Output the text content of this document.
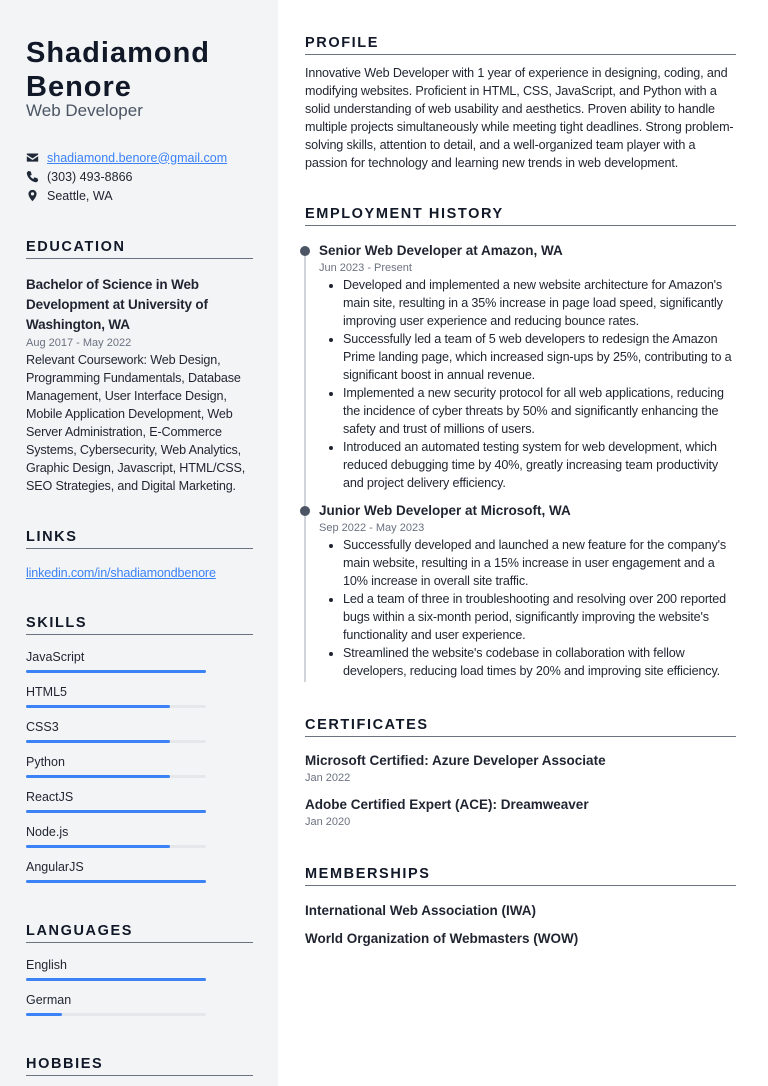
Shadiamond
Benore
Web Developer
shadiamond.benore@gmail.com
(303) 493-8866
Seattle, WA
EDUCATION
Bachelor of Science in Web Development at University of Washington, WA
Aug 2017 - May 2022
Relevant Coursework: Web Design, Programming Fundamentals, Database Management, User Interface Design, Mobile Application Development, Web Server Administration, E-Commerce Systems, Cybersecurity, Web Analytics, Graphic Design, Javascript, HTML/CSS, SEO Strategies, and Digital Marketing.
LINKS
linkedin.com/in/shadiamondbenore
SKILLS
JavaScript
HTML5
CSS3
Python
ReactJS
Node.js
AngularJS
LANGUAGES
English
German
HOBBIES
PROFILE
Innovative Web Developer with 1 year of experience in designing, coding, and modifying websites. Proficient in HTML, CSS, JavaScript, and Python with a solid understanding of web usability and aesthetics. Proven ability to handle multiple projects simultaneously while meeting tight deadlines. Strong problem-solving skills, attention to detail, and a well-organized team player with a passion for technology and learning new trends in web development.
EMPLOYMENT HISTORY
Senior Web Developer at Amazon, WA
Jun 2023 - Present
• Developed and implemented a new website architecture for Amazon's main site, resulting in a 35% increase in page load speed, significantly improving user experience and reducing bounce rates.
• Successfully led a team of 5 web developers to redesign the Amazon Prime landing page, which increased sign-ups by 25%, contributing to a significant boost in annual revenue.
• Implemented a new security protocol for all web applications, reducing the incidence of cyber threats by 50% and significantly enhancing the safety and trust of millions of users.
• Introduced an automated testing system for web development, which reduced debugging time by 40%, greatly increasing team productivity and project delivery efficiency.
Junior Web Developer at Microsoft, WA
Sep 2022 - May 2023
• Successfully developed and launched a new feature for the company's main website, resulting in a 15% increase in user engagement and a 10% increase in overall site traffic.
• Led a team of three in troubleshooting and resolving over 200 reported bugs within a six-month period, significantly improving the website's functionality and user experience.
• Streamlined the website's codebase in collaboration with fellow developers, reducing load times by 20% and improving site efficiency.
CERTIFICATES
Microsoft Certified: Azure Developer Associate
Jan 2022
Adobe Certified Expert (ACE): Dreamweaver
Jan 2020
MEMBERSHIPS
International Web Association (IWA)
World Organization of Webmasters (WOW)
